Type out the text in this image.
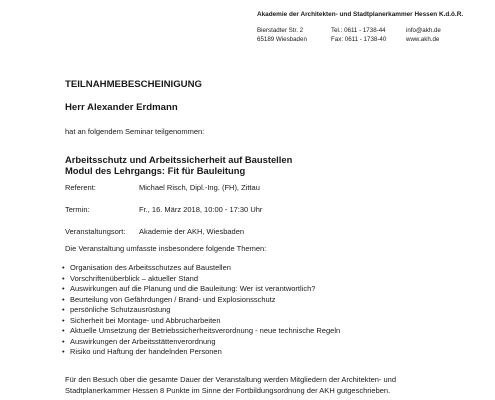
Akademie der Architekten- und Stadtplanerkammer Hessen K.d.ö.R.
Bierstadter Str. 2
65189 Wiesbaden
Tel.: 0611 - 1738-44
Fax: 0611 - 1738-40
info@akh.de
www.akh.de
TEILNAHMEBESCHEINIGUNG
Herr Alexander Erdmann
hat an folgendem Seminar teilgenommen:
Arbeitsschutz und Arbeitssicherheit auf Baustellen
Modul des Lehrgangs: Fit für Bauleitung
Referent:	Michael Risch, Dipl.-Ing. (FH), Zittau
Termin:	Fr., 16. März 2018, 10:00 - 17:30 Uhr
Veranstaltungsort: Akademie der AKH, Wiesbaden
Die Veranstaltung umfasste insbesondere folgende Themen:
• Organisation des Arbeitsschutzes auf Baustellen
• Vorschriftenüberblick – aktueller Stand
• Auswirkungen auf die Planung und die Bauleitung: Wer ist verantwortlich?
• Beurteilung von Gefährdungen / Brand- und Explosionsschutz
• persönliche Schutzausrüstung
• Sicherheit bei Montage- und Abbrucharbeiten
• Aktuelle Umsetzung der Betriebssicherheitsverordnung - neue technische Regeln
• Auswirkungen der Arbeitsstättenverordnung
• Risiko und Haftung der handelnden Personen
Für den Besuch über die gesamte Dauer der Veranstaltung werden Mitgliedern der Architekten- und
Stadtplanerkammer Hessen 8 Punkte im Sinne der Fortbildungsordnung der AKH gutgeschrieben.
